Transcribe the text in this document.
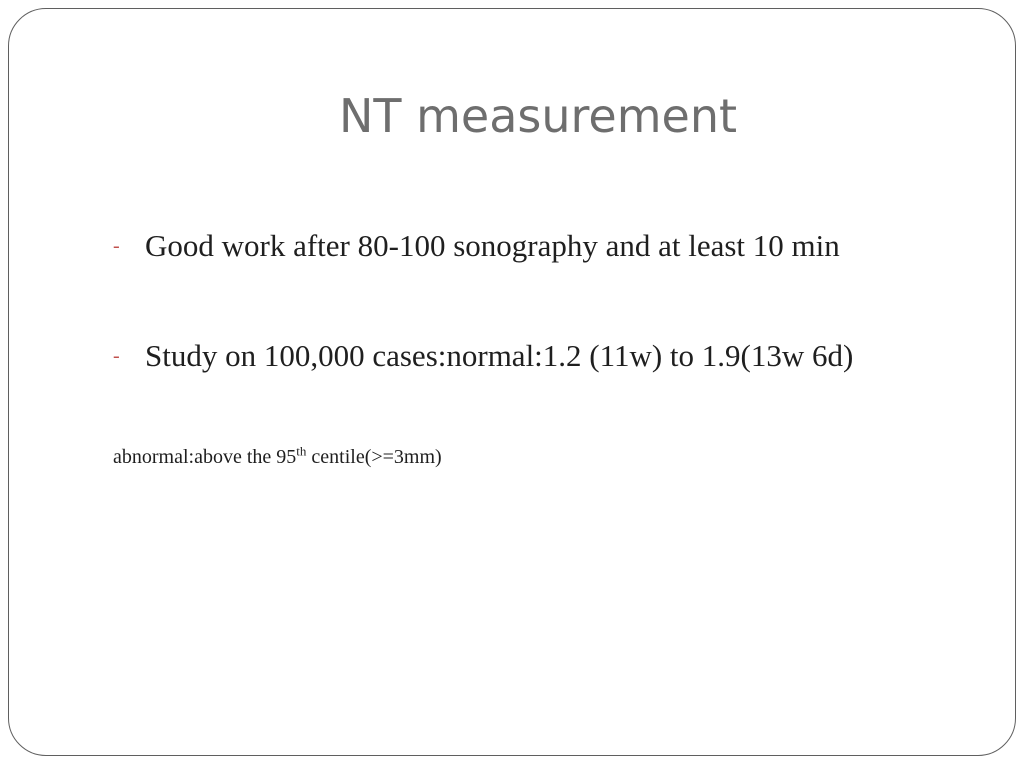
NT measurement
- Good work after 80-100 sonography and at least 10 min
- Study on 100,000 cases:normal:1.2 (11w) to 1.9(13w 6d)

abnormal:above the 95th centile(>=3mm)
